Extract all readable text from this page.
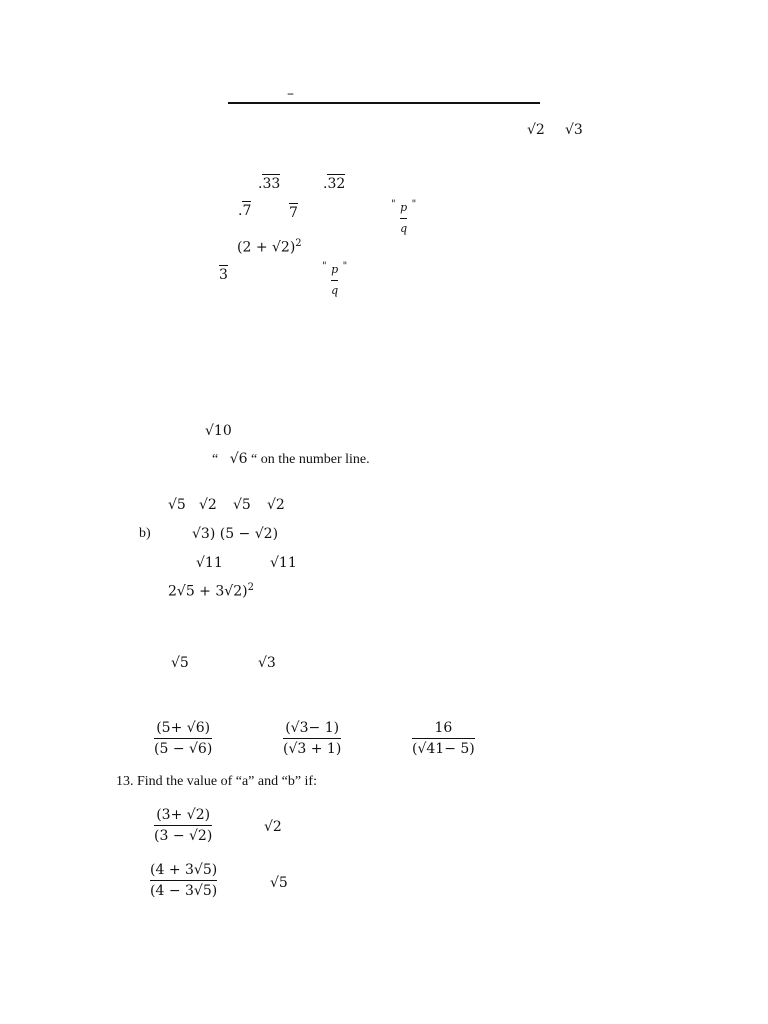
–
√2 √3
.33	.32
.7	7
$^" \frac{p}{q} ^"$
$(2 + √2)^2$
3
$^" \frac{p}{q} ^"$
√10
“ √6 “ on the number line.
√5 √2 √5 √2
b)	√3) (5 − √2)
√11	√11
2√5 + 3√2)$^2$
√5	√3
(5+ √6)
(5 − √6)
(√3− 1)
(√3 + 1)
16
(√41− 5)
13. Find the value of “a” and “b” if:
(3+ √2)
(3 − √2)
√2
(4 + 3√5)
(4 − 3√5)	√5
